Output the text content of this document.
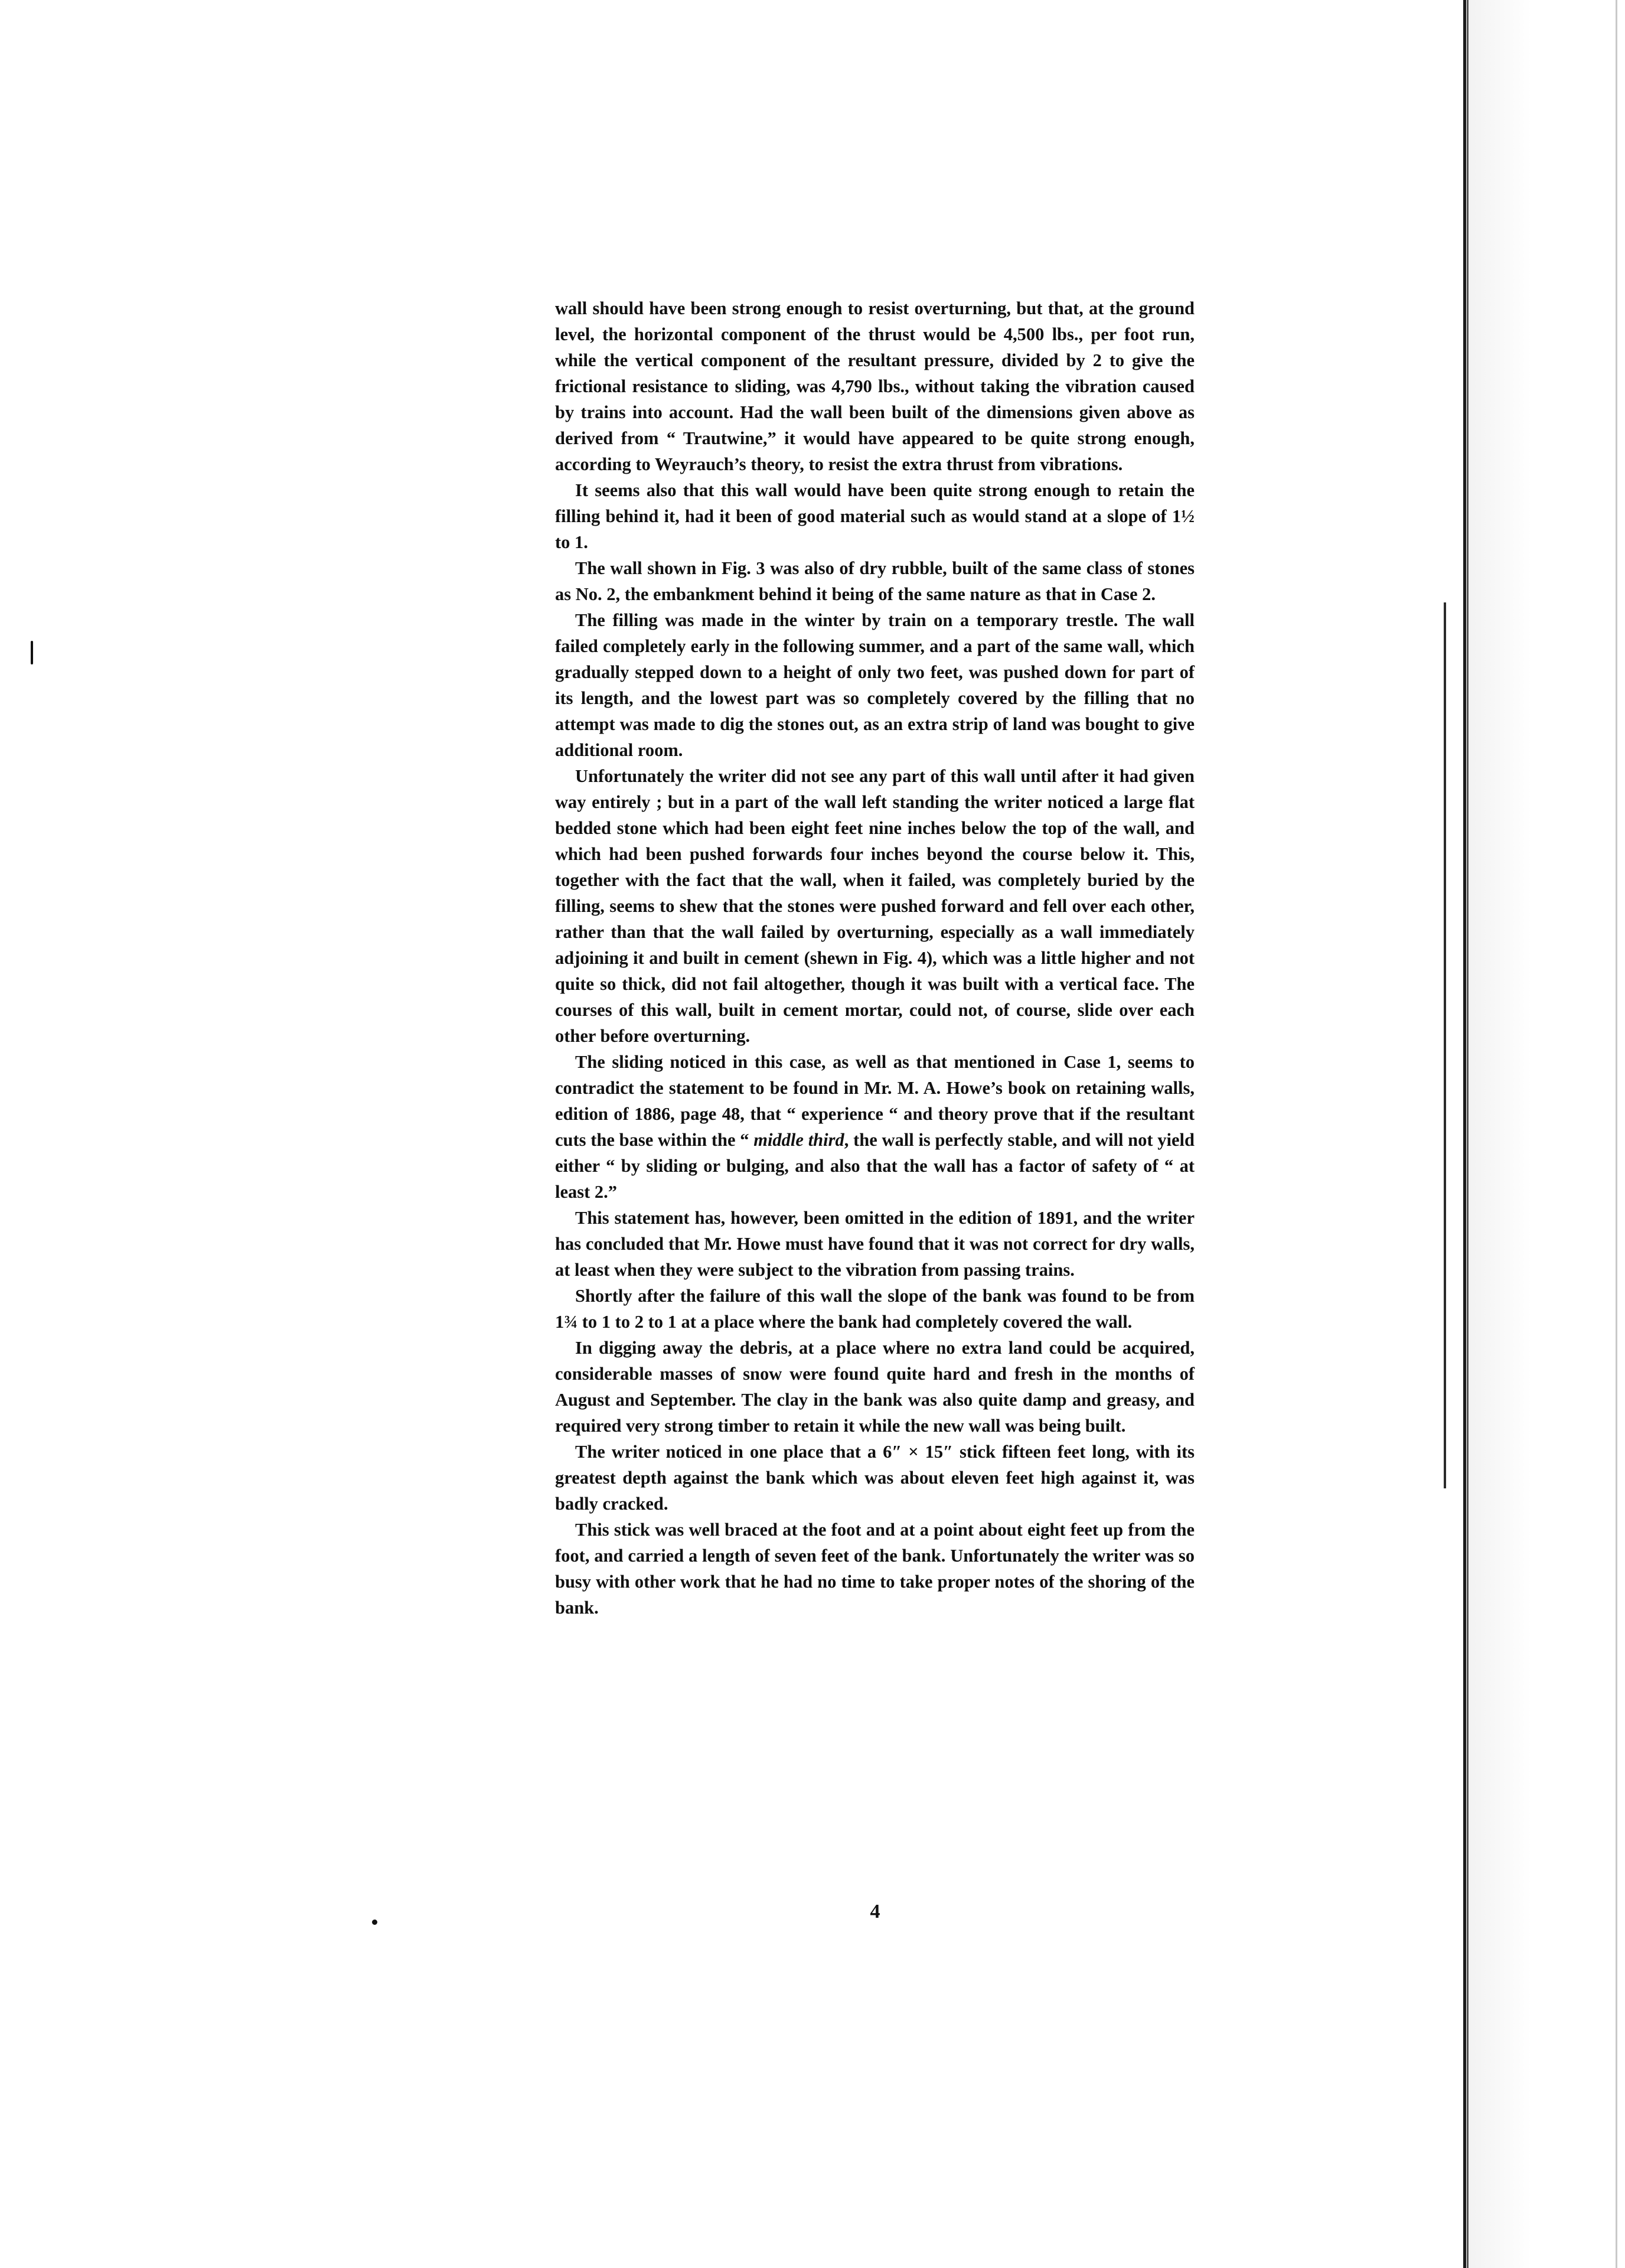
wall should have been strong enough to resist overturning, but that, at the ground level, the horizontal component of the thrust would be 4,500 lbs., per foot run, while the vertical component of the resultant pressure, divided by 2 to give the frictional resistance to sliding, was 4,790 lbs., without taking the vibration caused by trains into account. Had the wall been built of the dimensions given above as derived from “ Trautwine,” it would have appeared to be quite strong enough, according to Weyrauch’s theory, to resist the extra thrust from vibrations.

It seems also that this wall would have been quite strong enough to retain the filling behind it, had it been of good material such as would stand at a slope of 1½ to 1.

The wall shown in Fig. 3 was also of dry rubble, built of the same class of stones as No. 2, the embankment behind it being of the same nature as that in Case 2.

The filling was made in the winter by train on a temporary trestle. The wall failed completely early in the following summer, and a part of the same wall, which gradually stepped down to a height of only two feet, was pushed down for part of its length, and the lowest part was so completely covered by the filling that no attempt was made to dig the stones out, as an extra strip of land was bought to give additional room.

Unfortunately the writer did not see any part of this wall until after it had given way entirely ; but in a part of the wall left standing the writer noticed a large flat bedded stone which had been eight feet nine inches below the top of the wall, and which had been pushed forwards four inches beyond the course below it. This, together with the fact that the wall, when it failed, was completely buried by the filling, seems to shew that the stones were pushed forward and fell over each other, rather than that the wall failed by overturning, especially as a wall immediately adjoining it and built in cement (shewn in Fig. 4), which was a little higher and not quite so thick, did not fail altogether, though it was built with a vertical face. The courses of this wall, built in cement mortar, could not, of course, slide over each other before overturning.

The sliding noticed in this case, as well as that mentioned in Case 1, seems to contradict the statement to be found in Mr. M. A. Howe’s book on retaining walls, edition of 1886, page 48, that “ experience “ and theory prove that if the resultant cuts the base within the “ middle third, the wall is perfectly stable, and will not yield either “ by sliding or bulging, and also that the wall has a factor of safety of “ at least 2.”

This statement has, however, been omitted in the edition of 1891, and the writer has concluded that Mr. Howe must have found that it was not correct for dry walls, at least when they were subject to the vibration from passing trains.

Shortly after the failure of this wall the slope of the bank was found to be from 1¾ to 1 to 2 to 1 at a place where the bank had completely covered the wall.

In digging away the debris, at a place where no extra land could be acquired, considerable masses of snow were found quite hard and fresh in the months of August and September. The clay in the bank was also quite damp and greasy, and required very strong timber to retain it while the new wall was being built.

The writer noticed in one place that a 6″ × 15″ stick fifteen feet long, with its greatest depth against the bank which was about eleven feet high against it, was badly cracked.

This stick was well braced at the foot and at a point about eight feet up from the foot, and carried a length of seven feet of the bank. Unfortunately the writer was so busy with other work that he had no time to take proper notes of the shoring of the bank.

4
